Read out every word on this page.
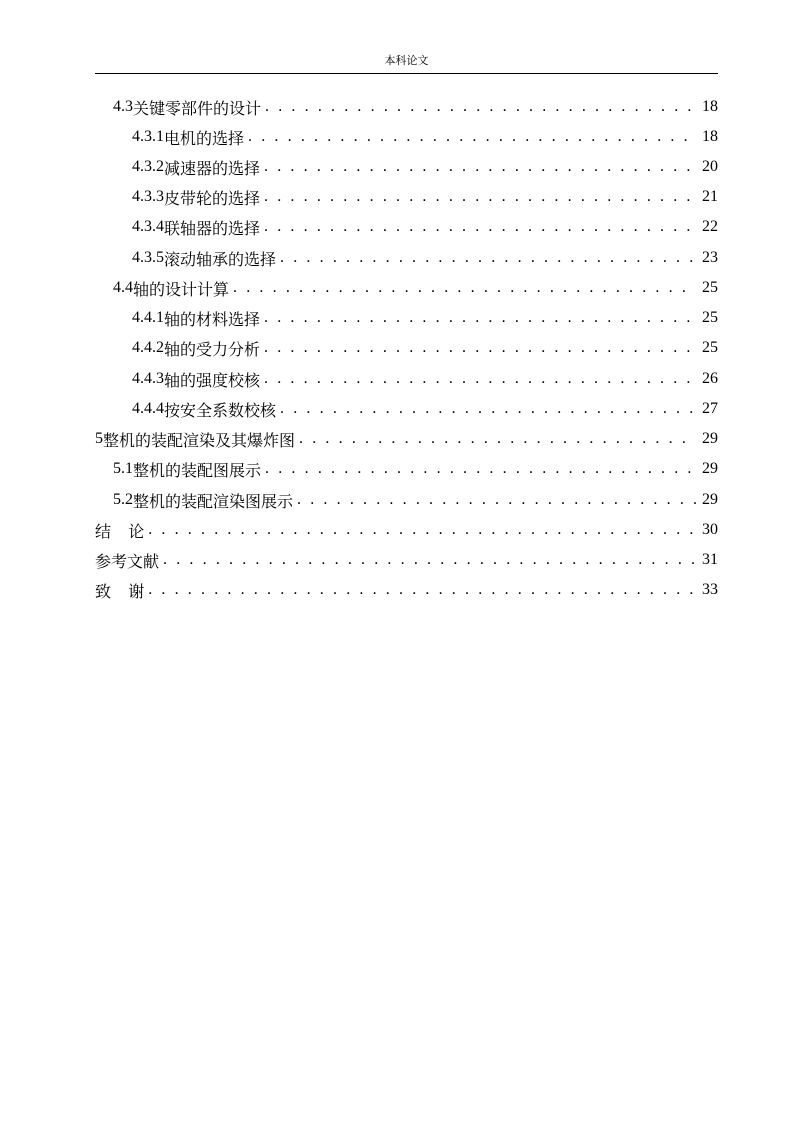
本科论文
4.3 关键零部件的设计 . . .	18
4.3.1 电机的选择 . . .	18
4.3.2 减速器的选择 . . .	20
4.3.3 皮带轮的选择 . . .	21
4.3.4 联轴器的选择 . . .	22
4.3.5 滚动轴承的选择 . . .	23
4.4 轴的设计计算 . . .	25
4.4.1 轴的材料选择 . . .	25
4.4.2 轴的受力分析 . . .	25
4.4.3 轴的强度校核 . . .	26
4.4.4 按安全系数校核 . . .	27
5 整机的装配渲染及其爆炸图 . . .	29
5.1 整机的装配图展示 . . .	29
5.2 整机的装配渲染图展示 . . .	29
结 论 . . .	30
参考文献 . . .	31
致 谢 . . .	33
